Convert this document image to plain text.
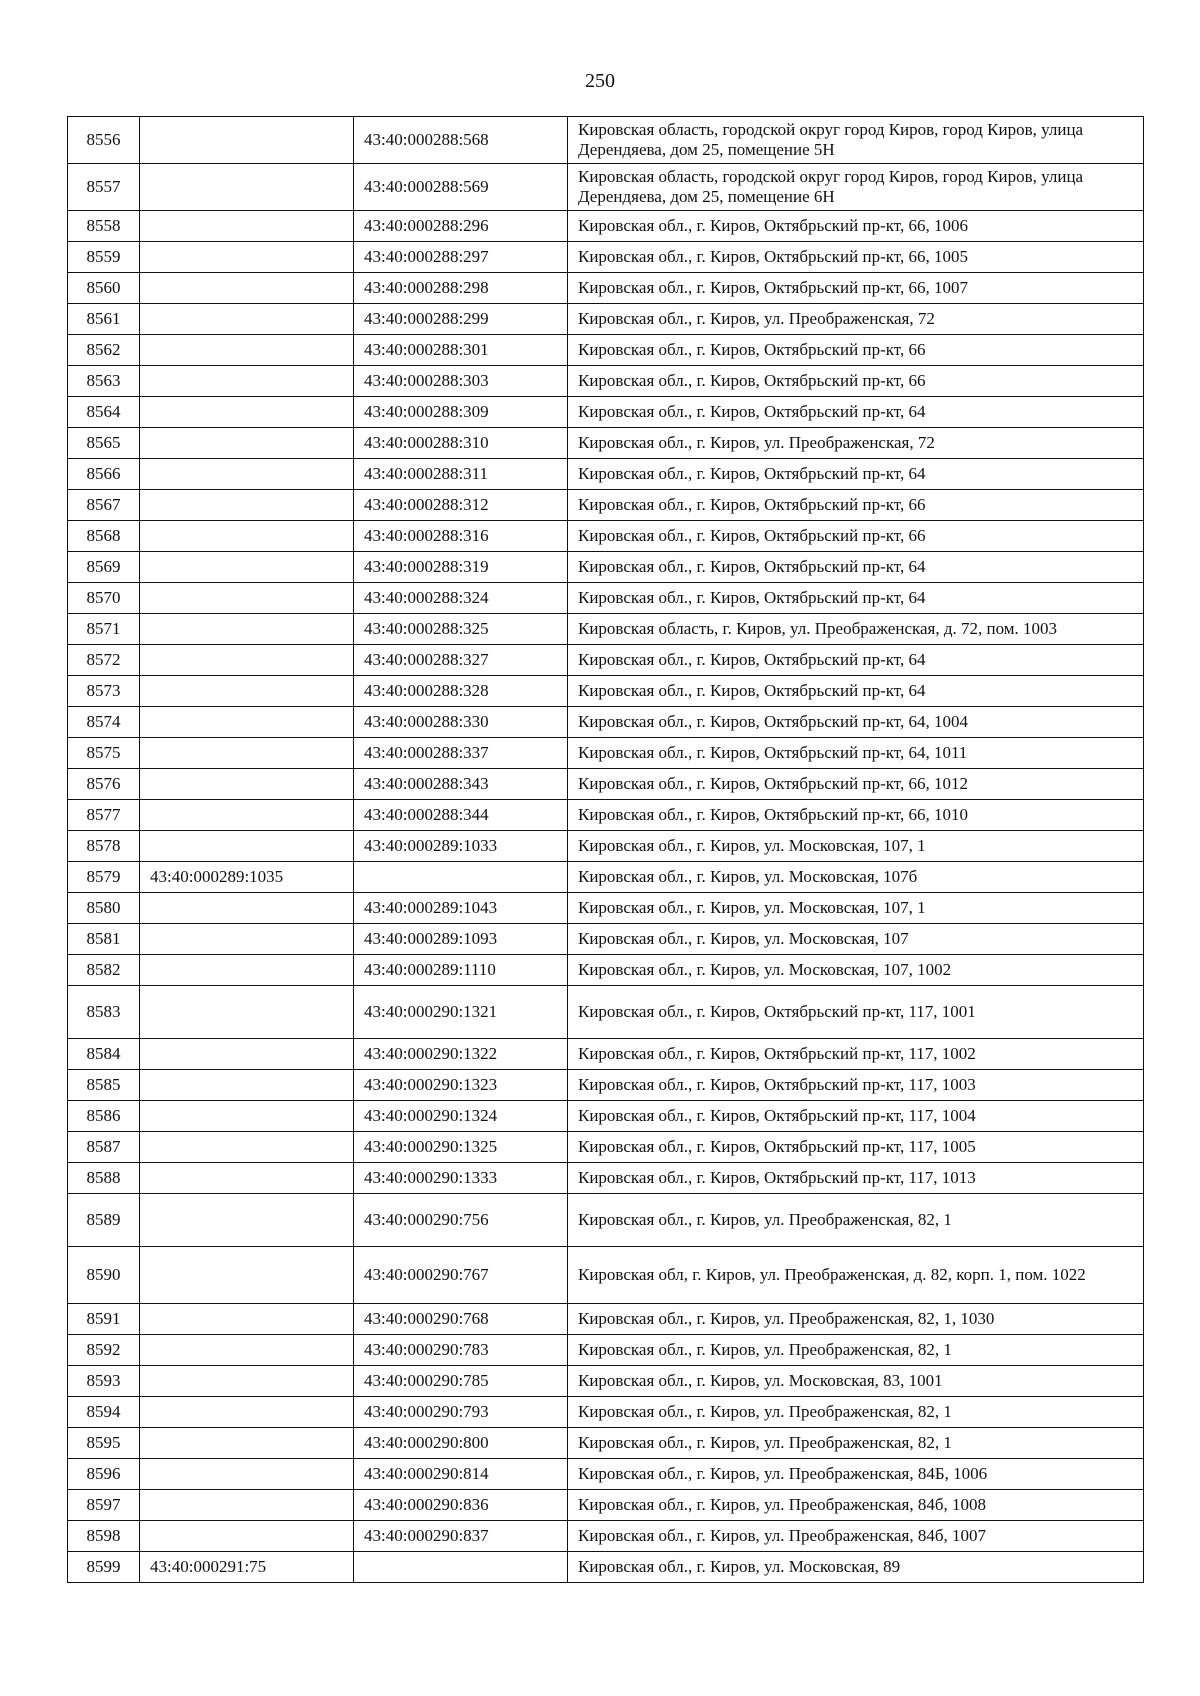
250
8556		43:40:000288:568	Кировская область, городской округ город Киров, город Киров, улица Дерендяева, дом 25, помещение 5Н
8557		43:40:000288:569	Кировская область, городской округ город Киров, город Киров, улица Дерендяева, дом 25, помещение 6Н
8558		43:40:000288:296	Кировская обл., г. Киров, Октябрьский пр-кт, 66, 1006
8559		43:40:000288:297	Кировская обл., г. Киров, Октябрьский пр-кт, 66, 1005
8560		43:40:000288:298	Кировская обл., г. Киров, Октябрьский пр-кт, 66, 1007
8561		43:40:000288:299	Кировская обл., г. Киров, ул. Преображенская, 72
8562		43:40:000288:301	Кировская обл., г. Киров, Октябрьский пр-кт, 66
8563		43:40:000288:303	Кировская обл., г. Киров, Октябрьский пр-кт, 66
8564		43:40:000288:309	Кировская обл., г. Киров, Октябрьский пр-кт, 64
8565		43:40:000288:310	Кировская обл., г. Киров, ул. Преображенская, 72
8566		43:40:000288:311	Кировская обл., г. Киров, Октябрьский пр-кт, 64
8567		43:40:000288:312	Кировская обл., г. Киров, Октябрьский пр-кт, 66
8568		43:40:000288:316	Кировская обл., г. Киров, Октябрьский пр-кт, 66
8569		43:40:000288:319	Кировская обл., г. Киров, Октябрьский пр-кт, 64
8570		43:40:000288:324	Кировская обл., г. Киров, Октябрьский пр-кт, 64
8571		43:40:000288:325	Кировская область, г. Киров, ул. Преображенская, д. 72, пом. 1003
8572		43:40:000288:327	Кировская обл., г. Киров, Октябрьский пр-кт, 64
8573		43:40:000288:328	Кировская обл., г. Киров, Октябрьский пр-кт, 64
8574		43:40:000288:330	Кировская обл., г. Киров, Октябрьский пр-кт, 64, 1004
8575		43:40:000288:337	Кировская обл., г. Киров, Октябрьский пр-кт, 64, 1011
8576		43:40:000288:343	Кировская обл., г. Киров, Октябрьский пр-кт, 66, 1012
8577		43:40:000288:344	Кировская обл., г. Киров, Октябрьский пр-кт, 66, 1010
8578		43:40:000289:1033	Кировская обл., г. Киров, ул. Московская, 107, 1
8579	43:40:000289:1035		Кировская обл., г. Киров, ул. Московская, 107б
8580		43:40:000289:1043	Кировская обл., г. Киров, ул. Московская, 107, 1
8581		43:40:000289:1093	Кировская обл., г. Киров, ул. Московская, 107
8582		43:40:000289:1110	Кировская обл., г. Киров, ул. Московская, 107, 1002
8583		43:40:000290:1321	Кировская обл., г. Киров, Октябрьский пр-кт, 117, 1001
8584		43:40:000290:1322	Кировская обл., г. Киров, Октябрьский пр-кт, 117, 1002
8585		43:40:000290:1323	Кировская обл., г. Киров, Октябрьский пр-кт, 117, 1003
8586		43:40:000290:1324	Кировская обл., г. Киров, Октябрьский пр-кт, 117, 1004
8587		43:40:000290:1325	Кировская обл., г. Киров, Октябрьский пр-кт, 117, 1005
8588		43:40:000290:1333	Кировская обл., г. Киров, Октябрьский пр-кт, 117, 1013
8589		43:40:000290:756	Кировская обл., г. Киров, ул. Преображенская, 82, 1
8590		43:40:000290:767	Кировская обл, г. Киров, ул. Преображенская, д. 82, корп. 1, пом. 1022
8591		43:40:000290:768	Кировская обл., г. Киров, ул. Преображенская, 82, 1, 1030
8592		43:40:000290:783	Кировская обл., г. Киров, ул. Преображенская, 82, 1
8593		43:40:000290:785	Кировская обл., г. Киров, ул. Московская, 83, 1001
8594		43:40:000290:793	Кировская обл., г. Киров, ул. Преображенская, 82, 1
8595		43:40:000290:800	Кировская обл., г. Киров, ул. Преображенская, 82, 1
8596		43:40:000290:814	Кировская обл., г. Киров, ул. Преображенская, 84Б, 1006
8597		43:40:000290:836	Кировская обл., г. Киров, ул. Преображенская, 84б, 1008
8598		43:40:000290:837	Кировская обл., г. Киров, ул. Преображенская, 84б, 1007
8599	43:40:000291:75		Кировская обл., г. Киров, ул. Московская, 89
